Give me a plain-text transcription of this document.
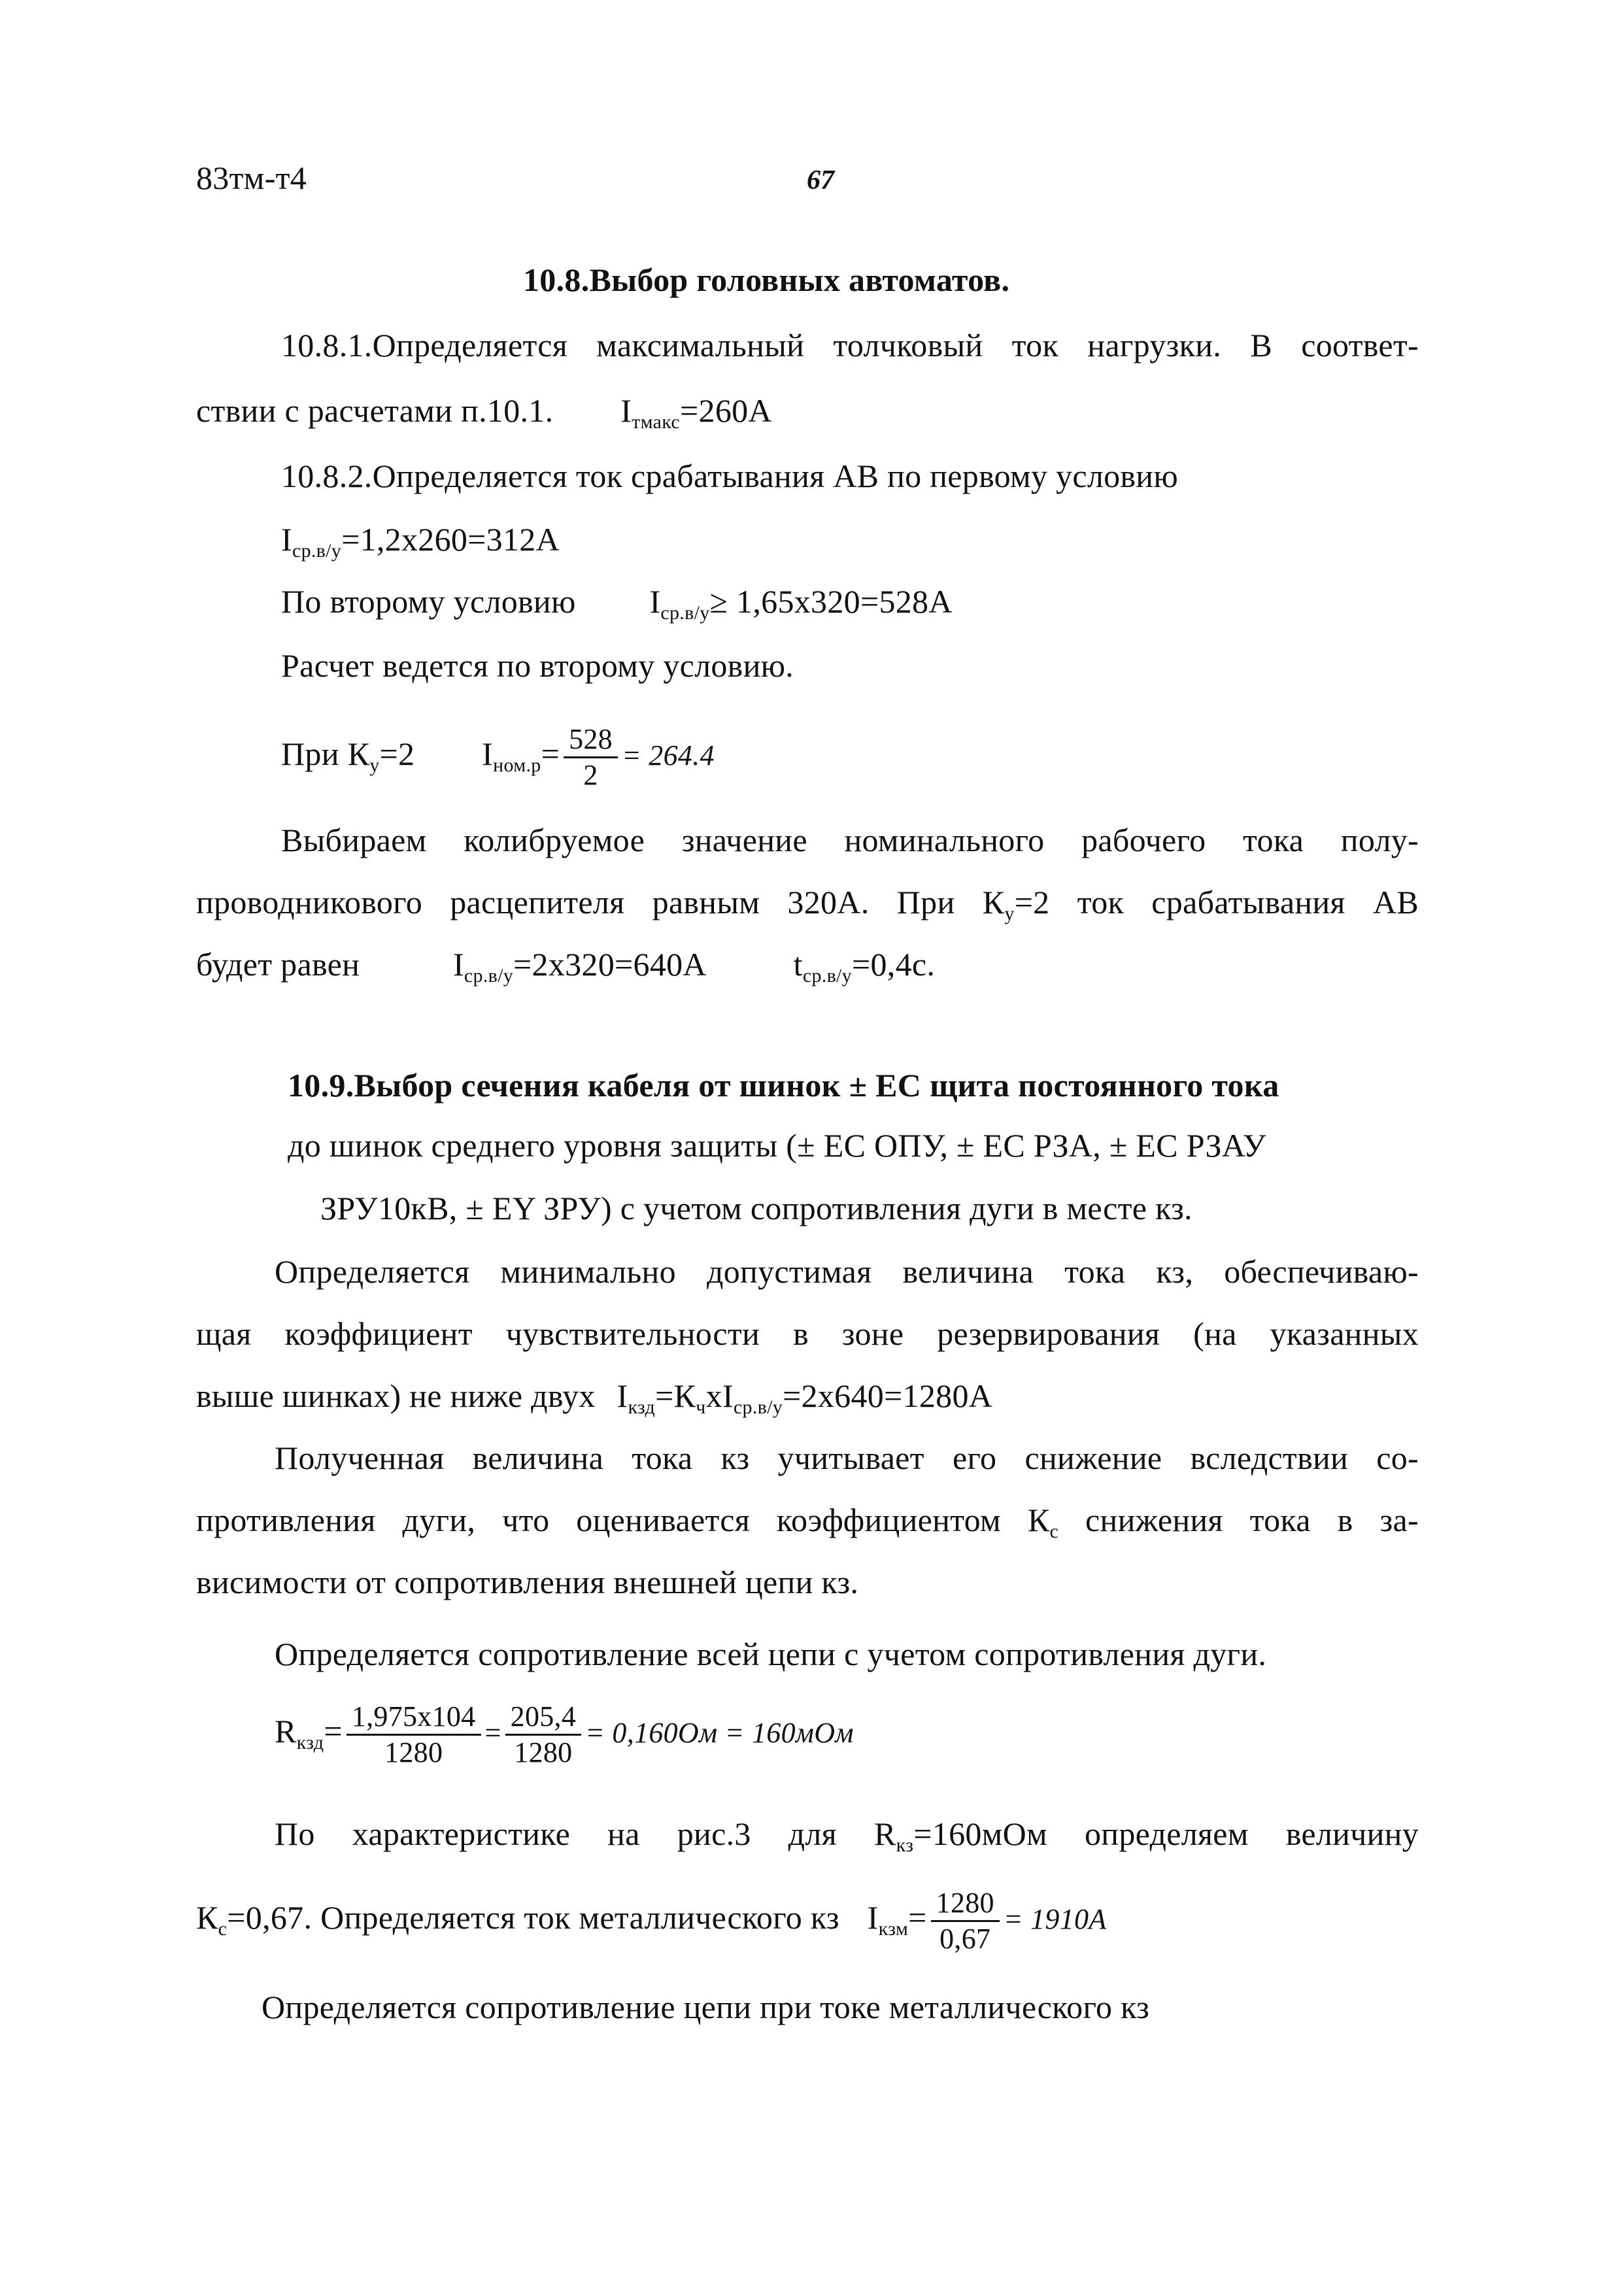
83тм-т4	67
10.8.Выбор головных автоматов.
10.8.1.Определяется максимальный толчковый ток нагрузки. В соответ-
ствии с расчетами п.10.1. $I_{тмакс}=260А$
10.8.2.Определяется ток срабатывания АВ по первому условию
$I_{ср.в/у}=1,2х260=312А$
По второму условию $I_{ср.в/у}\ge 1,65х320=528А$
Расчет ведется по второму условию.
При $К_у=2$ $I_{ном.р}= \frac{528}{2} = 264.4$
Выбираем колибруемое значение номинального рабочего тока полу-
проводникового расцепителя равным 320А. При $К_у=2$ ток срабатывания АВ
будет равен	$I_{ср.в/у}=2х320=640А$	$t_{ср.в/у}=0,4с$.
10.9.Выбор сечения кабеля от шинок ± ЕС щита постоянного тока
до шинок среднего уровня защиты (± ЕС ОПУ, ± ЕС РЗА, ± ЕС РЗАУ
ЗРУ10кВ, ± ЕY ЗРУ) с учетом сопротивления дуги в месте кз.
Определяется минимально допустимая величина тока кз, обеспечиваю-
щая коэффициент чувствительности в зоне резервирования (на указанных
выше шинках) не ниже двух $I_{кзд}=К_чхI_{ср.в/у}=2х640=1280А$
Полученная величина тока кз учитывает его снижение вследствии со-
противления дуги, что оценивается коэффициентом $К_с$ снижения тока в за-
висимости от сопротивления внешней цепи кз.
Определяется сопротивление всей цепи с учетом сопротивления дуги.
$R_{кзд}= \frac{1,975х104}{1280} = \frac{205,4}{1280} = 0,160Ом = 160мОм$
По характеристике на рис.3 для $R_{кз}=160мОм$ определяем величину
$К_с=0,67$. Определяется ток металлического кз $I_{кзм}= \frac{1280}{0,67} = 1910А$
Определяется сопротивление цепи при токе металлического кз
